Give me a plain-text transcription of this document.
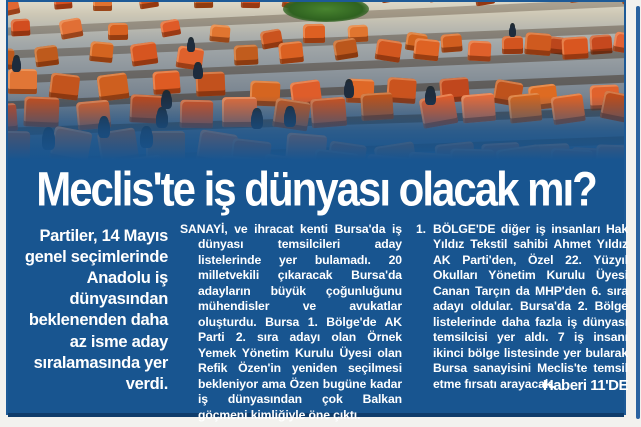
Meclis'te iş dünyası olacak mı?
Partiler, 14 Mayıs genel seçimlerinde Anadolu iş dünyasından beklenenden daha az isme aday sıralamasında yer verdi.

SANAYİ, ve ihracat kenti Bursa'da iş dünyası temsilcileri aday listelerinde yer bulamadı. 20 milletvekili çıkaracak Bursa'da adayların büyük çoğunluğunu mühendisler ve avukatlar oluşturdu. Bursa 1. Bölge'de AK Parti 2. sıra adayı olan Örnek Yemek Yönetim Kurulu Üyesi olan Refik Özen'in yeniden seçilmesi bekleniyor ama Özen bugüne kadar iş dünyasından çok Balkan göçmeni kimliğiyle öne çıktı.

1. BÖLGE'DE diğer iş insanları Hak Yıldız Tekstil sahibi Ahmet Yıldız AK Parti'den, Özel 22. Yüzyıl Okulları Yönetim Kurulu Üyesi Canan Tarçın da MHP'den 6. sıra adayı oldular. Bursa'da 2. Bölge listelerinde daha fazla iş dünyası temsilcisi yer aldı. 7 iş insanı ikinci bölge listesinde yer bularak Bursa sanayisini Meclis'te temsil etme fırsatı arayacak.

Haberi 11'DE
